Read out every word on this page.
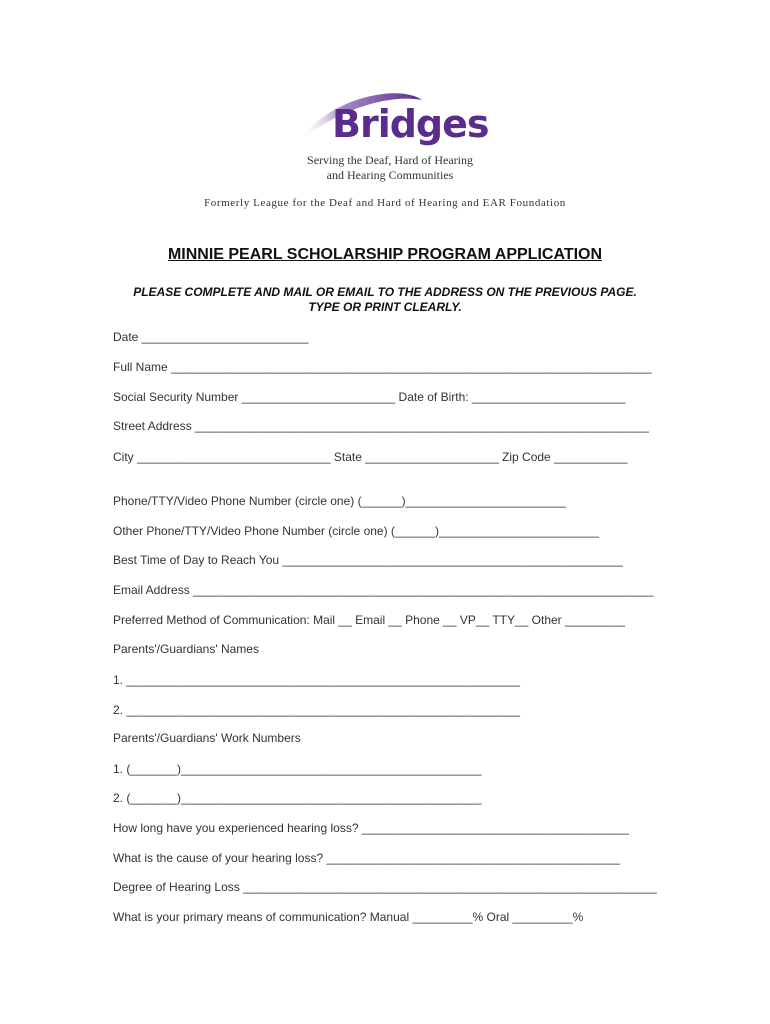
Bridges
Serving the Deaf, Hard of Hearing
and Hearing Communities
Formerly League for the Deaf and Hard of Hearing and EAR Foundation
MINNIE PEARL SCHOLARSHIP PROGRAM APPLICATION
PLEASE COMPLETE AND MAIL OR EMAIL TO THE ADDRESS ON THE PREVIOUS PAGE.
TYPE OR PRINT CLEARLY.
Date _________________________
Full Name ________________________________________________________________________
Social Security Number _______________________ Date of Birth: _______________________
Street Address ____________________________________________________________________
City _____________________________ State ____________________ Zip Code ___________
Phone/TTY/Video Phone Number (circle one) (______)________________________
Other Phone/TTY/Video Phone Number (circle one) (______)________________________
Best Time of Day to Reach You ___________________________________________________
Email Address _____________________________________________________________________
Preferred Method of Communication: Mail __ Email __ Phone __ VP__ TTY__ Other _________
Parents'/Guardians' Names
1. ___________________________________________________________
2. ___________________________________________________________
Parents'/Guardians' Work Numbers
1. (_______)_____________________________________________
2. (_______)_____________________________________________
How long have you experienced hearing loss? ________________________________________
What is the cause of your hearing loss? ____________________________________________
Degree of Hearing Loss ______________________________________________________________
What is your primary means of communication? Manual _________% Oral _________%
